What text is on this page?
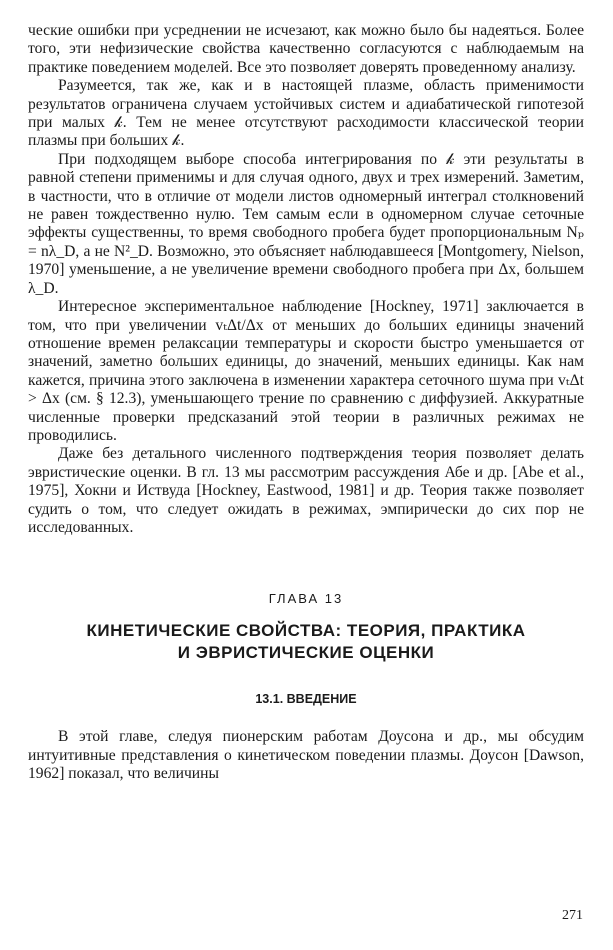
ческие ошибки при усреднении не исчезают, как можно было бы надеяться. Более того, эти нефизические свойства качественно согласуются с наблюдаемым на практике поведением моделей. Все это позволяет доверять проведенному анализу.

Разумеется, так же, как и в настоящей плазме, область применимости результатов ограничена случаем устойчивых систем и адиабатической гипотезой при малых 𝓀. Тем не менее отсутствуют расходимости классической теории плазмы при больших 𝓀.

При подходящем выборе способа интегрирования по 𝓀 эти результаты в равной степени применимы и для случая одного, двух и трех измерений. Заметим, в частности, что в отличие от модели листов одномерный интеграл столкновений не равен тождественно нулю. Тем самым если в одномерном случае сеточные эффекты существенны, то время свободного пробега будет пропорциональным Nₚ = nλ_D, а не N²_D. Возможно, это объясняет наблюдавшееся [Montgomery, Nielson, 1970] уменьшение, а не увеличение времени свободного пробега при Δx, большем λ_D.

Интересное экспериментальное наблюдение [Hockney, 1971] заключается в том, что при увеличении vₜΔt/Δx от меньших до больших единицы значений отношение времен релаксации температуры и скорости быстро уменьшается от значений, заметно больших единицы, до значений, меньших единицы. Как нам кажется, причина этого заключена в изменении характера сеточного шума при vₜΔt > Δx (см. § 12.3), уменьшающего трение по сравнению с диффузией. Аккуратные численные проверки предсказаний этой теории в различных режимах не проводились.

Даже без детального численного подтверждения теория позволяет делать эвристические оценки. В гл. 13 мы рассмотрим рассуждения Абе и др. [Abe et al., 1975], Хокни и Иствуда [Hockney, Eastwood, 1981] и др. Теория также позволяет судить о том, что следует ожидать в режимах, эмпирически до сих пор не исследованных.

ГЛАВА 13
КИНЕТИЧЕСКИЕ СВОЙСТВА: ТЕОРИЯ, ПРАКТИКА
И ЭВРИСТИЧЕСКИЕ ОЦЕНКИ
13.1. ВВЕДЕНИЕ

В этой главе, следуя пионерским работам Доусона и др., мы обсудим интуитивные представления о кинетическом поведении плазмы. Доусон [Dawson, 1962] показал, что величины

271
